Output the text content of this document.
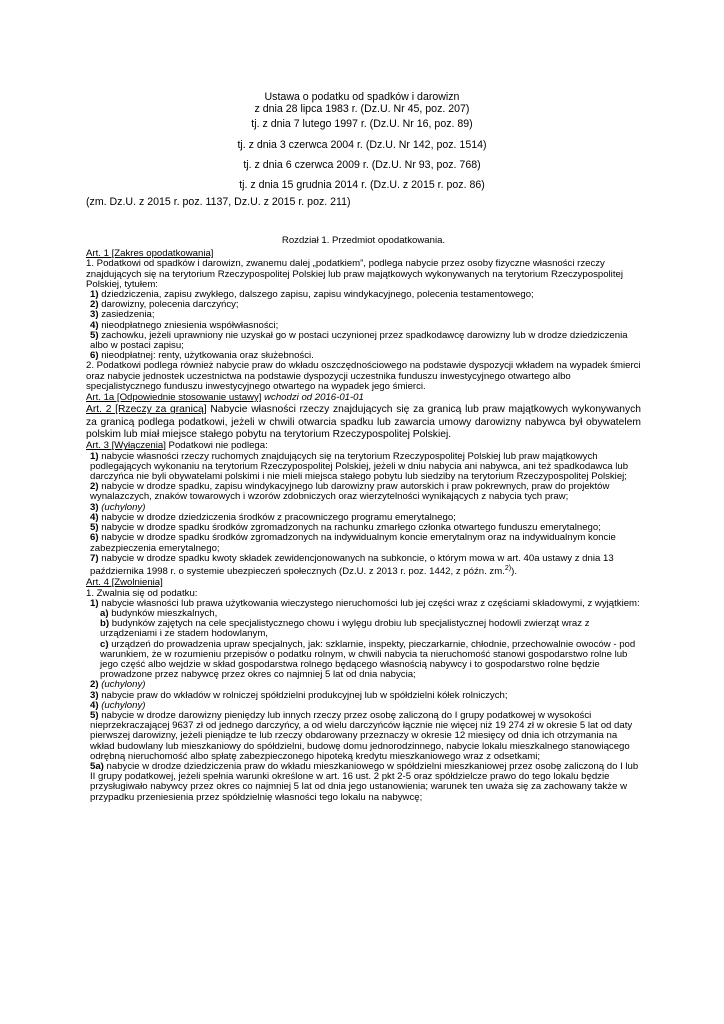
Ustawa o podatku od spadków i darowizn
z dnia 28 lipca 1983 r. (Dz.U. Nr 45, poz. 207)
tj. z dnia 7 lutego 1997 r. (Dz.U. Nr 16, poz. 89)
tj. z dnia 3 czerwca 2004 r. (Dz.U. Nr 142, poz. 1514)
tj. z dnia 6 czerwca 2009 r. (Dz.U. Nr 93, poz. 768)
tj. z dnia 15 grudnia 2014 r. (Dz.U. z 2015 r. poz. 86)
(zm. Dz.U. z 2015 r. poz. 1137, Dz.U. z 2015 r. poz. 211)

Rozdział 1. Przedmiot opodatkowania.

Art. 1 [Zakres opodatkowania]

1. Podatkowi od spadków i darowizn, zwanemu dalej „podatkiem”, podlega nabycie przez osoby fizyczne własności rzeczy znajdujących się na terytorium Rzeczypospolitej Polskiej lub praw majątkowych wykonywanych na terytorium Rzeczypospolitej Polskiej, tytułem:

1) dziedziczenia, zapisu zwykłego, dalszego zapisu, zapisu windykacyjnego, polecenia testamentowego;

2) darowizny, polecenia darczyńcy;

3) zasiedzenia;

4) nieodpłatnego zniesienia współwłasności;

5) zachowku, jeżeli uprawniony nie uzyskał go w postaci uczynionej przez spadkodawcę darowizny lub w drodze dziedziczenia albo w postaci zapisu;

6) nieodpłatnej: renty, użytkowania oraz służebności.

2. Podatkowi podlega również nabycie praw do wkładu oszczędnościowego na podstawie dyspozycji wkładem na wypadek śmierci oraz nabycie jednostek uczestnictwa na podstawie dyspozycji uczestnika funduszu inwestycyjnego otwartego albo specjalistycznego funduszu inwestycyjnego otwartego na wypadek jego śmierci.

Art. 1a [Odpowiednie stosowanie ustawy] wchodzi od 2016-01-01

Art. 2 [Rzeczy za granicą] Nabycie własności rzeczy znajdujących się za granicą lub praw majątkowych wykonywanych za granicą podlega podatkowi, jeżeli w chwili otwarcia spadku lub zawarcia umowy darowizny nabywca był obywatelem polskim lub miał miejsce stałego pobytu na terytorium Rzeczypospolitej Polskiej.

Art. 3 [Wyłączenia] Podatkowi nie podlega:

1) nabycie własności rzeczy ruchomych znajdujących się na terytorium Rzeczypospolitej Polskiej lub praw majątkowych podlegających wykonaniu na terytorium Rzeczypospolitej Polskiej, jeżeli w dniu nabycia ani nabywca, ani też spadkodawca lub darczyńca nie byli obywatelami polskimi i nie mieli miejsca stałego pobytu lub siedziby na terytorium Rzeczypospolitej Polskiej;

2) nabycie w drodze spadku, zapisu windykacyjnego lub darowizny praw autorskich i praw pokrewnych, praw do projektów wynalazczych, znaków towarowych i wzorów zdobniczych oraz wierzytelności wynikających z nabycia tych praw;

3) (uchylony)

4) nabycie w drodze dziedziczenia środków z pracowniczego programu emerytalnego;

5) nabycie w drodze spadku środków zgromadzonych na rachunku zmarłego członka otwartego funduszu emerytalnego;

6) nabycie w drodze spadku środków zgromadzonych na indywidualnym koncie emerytalnym oraz na indywidualnym koncie zabezpieczenia emerytalnego;

7) nabycie w drodze spadku kwoty składek zewidencjonowanych na subkoncie, o którym mowa w art. 40a ustawy z dnia 13 października 1998 r. o systemie ubezpieczeń społecznych (Dz.U. z 2013 r. poz. 1442, z późn. zm.$^{2)}$).

Art. 4 [Zwolnienia]

1. Zwalnia się od podatku:

1) nabycie własności lub prawa użytkowania wieczystego nieruchomości lub jej części wraz z częściami składowymi, z wyjątkiem:

a) budynków mieszkalnych,

b) budynków zajętych na cele specjalistycznego chowu i wylęgu drobiu lub specjalistycznej hodowli zwierząt wraz z urządzeniami i ze stadem hodowlanym,

c) urządzeń do prowadzenia upraw specjalnych, jak: szklarnie, inspekty, pieczarkarnie, chłodnie, przechowalnie owoców - pod warunkiem, że w rozumieniu przepisów o podatku rolnym, w chwili nabycia ta nieruchomość stanowi gospodarstwo rolne lub jego część albo wejdzie w skład gospodarstwa rolnego będącego własnością nabywcy i to gospodarstwo rolne będzie prowadzone przez nabywcę przez okres co najmniej 5 lat od dnia nabycia;

2) (uchylony)

3) nabycie praw do wkładów w rolniczej spółdzielni produkcyjnej lub w spółdzielni kółek rolniczych;

4) (uchylony)

5) nabycie w drodze darowizny pieniędzy lub innych rzeczy przez osobę zaliczoną do I grupy podatkowej w wysokości nieprzekraczającej 9637 zł od jednego darczyńcy, a od wielu darczyńców łącznie nie więcej niż 19 274 zł w okresie 5 lat od daty pierwszej darowizny, jeżeli pieniądze te lub rzeczy obdarowany przeznaczy w okresie 12 miesięcy od dnia ich otrzymania na wkład budowlany lub mieszkaniowy do spółdzielni, budowę domu jednorodzinnego, nabycie lokalu mieszkalnego stanowiącego odrębną nieruchomość albo spłatę zabezpieczonego hipoteką kredytu mieszkaniowego wraz z odsetkami;

5a) nabycie w drodze dziedziczenia praw do wkładu mieszkaniowego w spółdzielni mieszkaniowej przez osobę zaliczoną do I lub II grupy podatkowej, jeżeli spełnia warunki określone w art. 16 ust. 2 pkt 2-5 oraz spółdzielcze prawo do tego lokalu będzie przysługiwało nabywcy przez okres co najmniej 5 lat od dnia jego ustanowienia; warunek ten uważa się za zachowany także w przypadku przeniesienia przez spółdzielnię własności tego lokalu na nabywcę;
